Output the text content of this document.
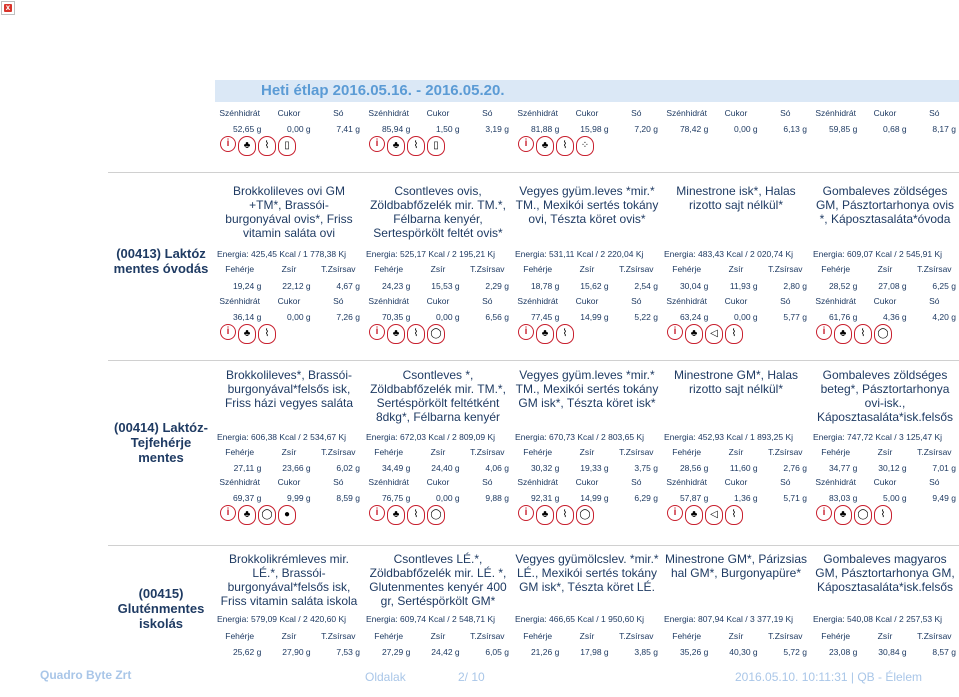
x
Heti étlap 2016.05.16. - 2016.05.20.
Szénhidrát	Cukor	Só
52,65 g	0,00 g	7,41 g
Szénhidrát	Cukor	Só
85,94 g	1,50 g	3,19 g
Szénhidrát	Cukor	Só
81,88 g	15,98 g	7,20 g
Szénhidrát	Cukor	Só
78,42 g	0,00 g	6,13 g
Szénhidrát	Cukor	Só
59,85 g	0,68 g	8,17 g
i	♣	⌇	▯	i	♣	⌇	▯	i	♣	⌇	⁘
(00413) Laktóz mentes óvodás
Brokkolileves ovi GM +TM*, Brassói-burgonyával ovis*, Friss vitamin saláta ovi
Energia: 425,45 Kcal / 1 778,38 Kj
Fehérje	Zsír	T.Zsírsav
19,24 g	22,12 g	4,67 g
Szénhidrát	Cukor	Só
36,14 g	0,00 g	7,26 g
i	♣	⌇
Csontleves ovis, Zöldbabfőzelék mir. TM.*, Félbarna kenyér, Sertespörkölt feltét ovis*
Energia: 525,17 Kcal / 2 195,21 Kj
Fehérje	Zsír	T.Zsírsav
24,23 g	15,53 g	2,29 g
Szénhidrát	Cukor	Só
70,35 g	0,00 g	6,56 g
i	♣	⌇	◯
Vegyes gyüm.leves *mir.* TM., Mexikói sertés tokány ovi, Tészta köret ovis*
Energia: 531,11 Kcal / 2 220,04 Kj
Fehérje	Zsír	T.Zsírsav
18,78 g	15,62 g	2,54 g
Szénhidrát	Cukor	Só
77,45 g	14,99 g	5,22 g
i	♣	⌇
Minestrone isk*, Halas rizotto sajt nélkül*
Energia: 483,43 Kcal / 2 020,74 Kj
Fehérje	Zsír	T.Zsírsav
30,04 g	11,93 g	2,80 g
Szénhidrát	Cukor	Só
63,24 g	0,00 g	5,77 g
i	♣	◁	⌇
Gombaleves zöldséges GM, Pásztortarhonya ovis *, Káposztasaláta*óvoda
Energia: 609,07 Kcal / 2 545,91 Kj
Fehérje	Zsír	T.Zsírsav
28,52 g	27,08 g	6,25 g
Szénhidrát	Cukor	Só
61,76 g	4,36 g	4,20 g
i	♣	⌇	◯
(00414) Laktóz-Tejfehérje mentes
Brokkolileves*, Brassói-burgonyával*felsős isk, Friss házi vegyes saláta
Energia: 606,38 Kcal / 2 534,67 Kj
Fehérje	Zsír	T.Zsírsav
27,11 g	23,66 g	6,02 g
Szénhidrát	Cukor	Só
69,37 g	9,99 g	8,59 g
i	♣	◯	●
Csontleves *, Zöldbabfőzelék mir. TM.*, Sertéspörkölt feltétként 8dkg*, Félbarna kenyér
Energia: 672,03 Kcal / 2 809,09 Kj
Fehérje	Zsír	T.Zsírsav
34,49 g	24,40 g	4,06 g
Szénhidrát	Cukor	Só
76,75 g	0,00 g	9,88 g
i	♣	⌇	◯
Vegyes gyüm.leves *mir.* TM., Mexikói sertés tokány GM isk*, Tészta köret isk*
Energia: 670,73 Kcal / 2 803,65 Kj
Fehérje	Zsír	T.Zsírsav
30,32 g	19,33 g	3,75 g
Szénhidrát	Cukor	Só
92,31 g	14,99 g	6,29 g
i	♣	⌇	◯
Minestrone GM*, Halas rizotto sajt nélkül*
Energia: 452,93 Kcal / 1 893,25 Kj
Fehérje	Zsír	T.Zsírsav
28,56 g	11,60 g	2,76 g
Szénhidrát	Cukor	Só
57,87 g	1,36 g	5,71 g
i	♣	◁	⌇
Gombaleves zöldséges beteg*, Pásztortarhonya ovi-isk., Káposztasaláta*isk.felsős
Energia: 747,72 Kcal / 3 125,47 Kj
Fehérje	Zsír	T.Zsírsav
34,77 g	30,12 g	7,01 g
Szénhidrát	Cukor	Só
83,03 g	5,00 g	9,49 g
i	♣	◯	⌇
(00415) Gluténmentes iskolás
Brokkolikrémleves mir. LÉ.*, Brassói-burgonyával*felsős isk, Friss vitamin saláta iskola
Energia: 579,09 Kcal / 2 420,60 Kj
Fehérje	Zsír	T.Zsírsav
25,62 g	27,90 g	7,53 g
Csontleves LÉ.*, Zöldbabfőzelék mir. LÉ. *, Glutenmentes kenyér 400 gr, Sertéspörkölt GM*
Energia: 609,74 Kcal / 2 548,71 Kj
Fehérje	Zsír	T.Zsírsav
27,29 g	24,42 g	6,05 g
Vegyes gyümölcslev. *mir.* LÉ., Mexikói sertés tokány GM isk*, Tészta köret LÉ.
Energia: 466,65 Kcal / 1 950,60 Kj
Fehérje	Zsír	T.Zsírsav
21,26 g	17,98 g	3,85 g
Minestrone GM*, Párizsias hal GM*, Burgonyapüre*
Energia: 807,94 Kcal / 3 377,19 Kj
Fehérje	Zsír	T.Zsírsav
35,26 g	40,30 g	5,72 g
Gombaleves magyaros GM, Pásztortarhonya GM, Káposztasaláta*isk.felsős
Energia: 540,08 Kcal / 2 257,53 Kj
Fehérje	Zsír	T.Zsírsav
23,08 g	30,84 g	8,57 g
Quadro Byte Zrt	Oldalak	2/ 10	2016.05.10. 10:11:31 | QB - Élelem
